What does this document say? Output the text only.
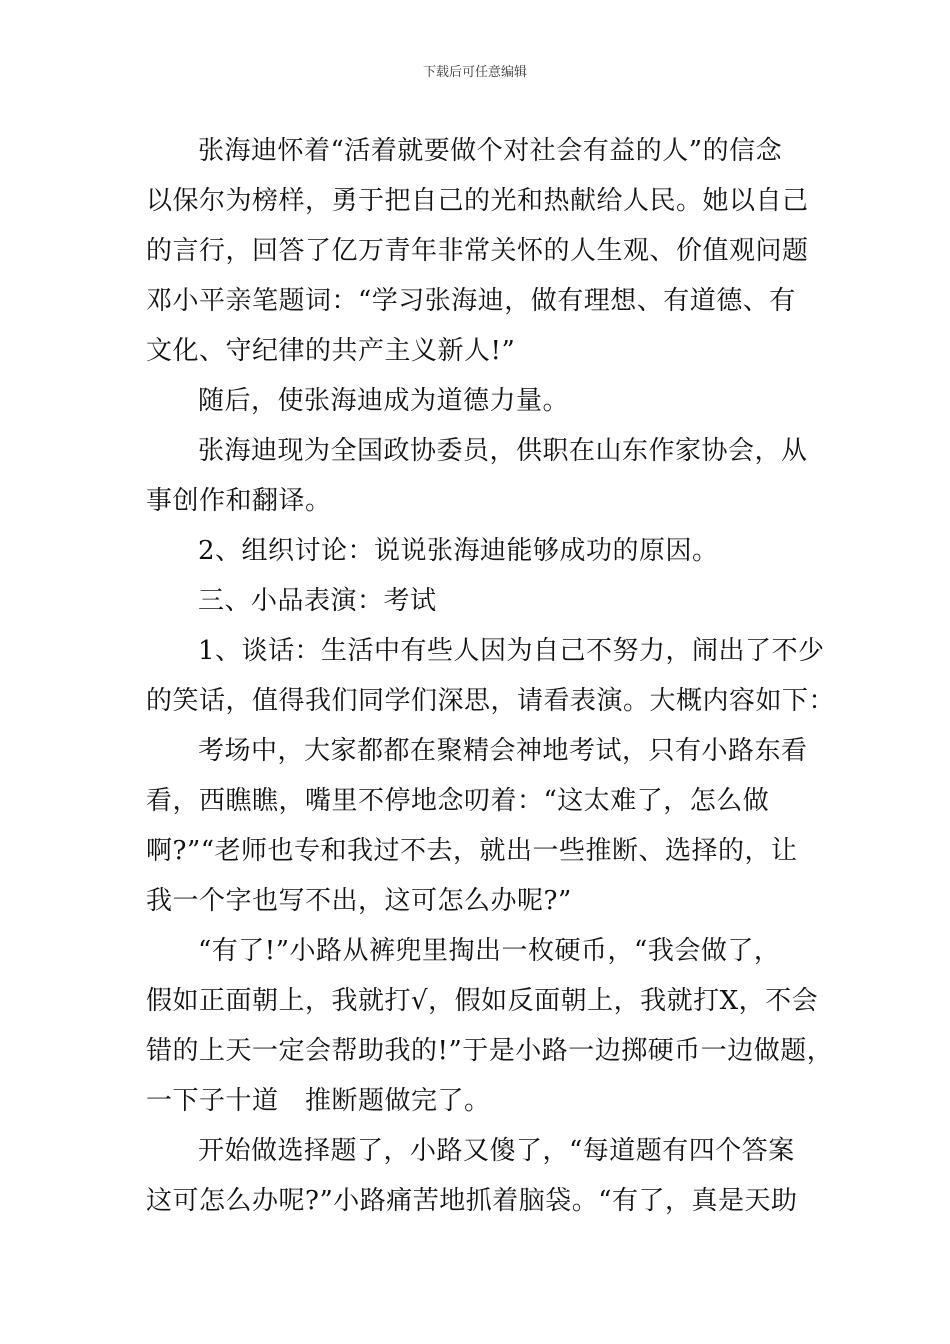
下载后可任意编辑
张海迪怀着“活着就要做个对社会有益的人”的信念
以保尔为榜样，勇于把自己的光和热献给人民。她以自己
的言行，回答了亿万青年非常关怀的人生观、价值观问题
邓小平亲笔题词：“学习张海迪，做有理想、有道德、有
文化、守纪律的共产主义新人!”
随后，使张海迪成为道德力量。
张海迪现为全国政协委员，供职在山东作家协会，从
事创作和翻译。
2、组织讨论：说说张海迪能够成功的原因。
三、小品表演：考试
1、谈话：生活中有些人因为自己不努力，闹出了不少
的笑话，值得我们同学们深思，请看表演。大概内容如下：
考场中，大家都都在聚精会神地考试，只有小路东看
看，西瞧瞧，嘴里不停地念叨着：“这太难了，怎么做
啊?”“老师也专和我过不去，就出一些推断、选择的，让
我一个字也写不出，这可怎么办呢?”
“有了!”小路从裤兜里掏出一枚硬币，“我会做了，
假如正面朝上，我就打√，假如反面朝上，我就打X，不会
错的上天一定会帮助我的!”于是小路一边掷硬币一边做题，
一下子十道　推断题做完了。
开始做选择题了，小路又傻了，“每道题有四个答案
这可怎么办呢?”小路痛苦地抓着脑袋。“有了，真是天助
